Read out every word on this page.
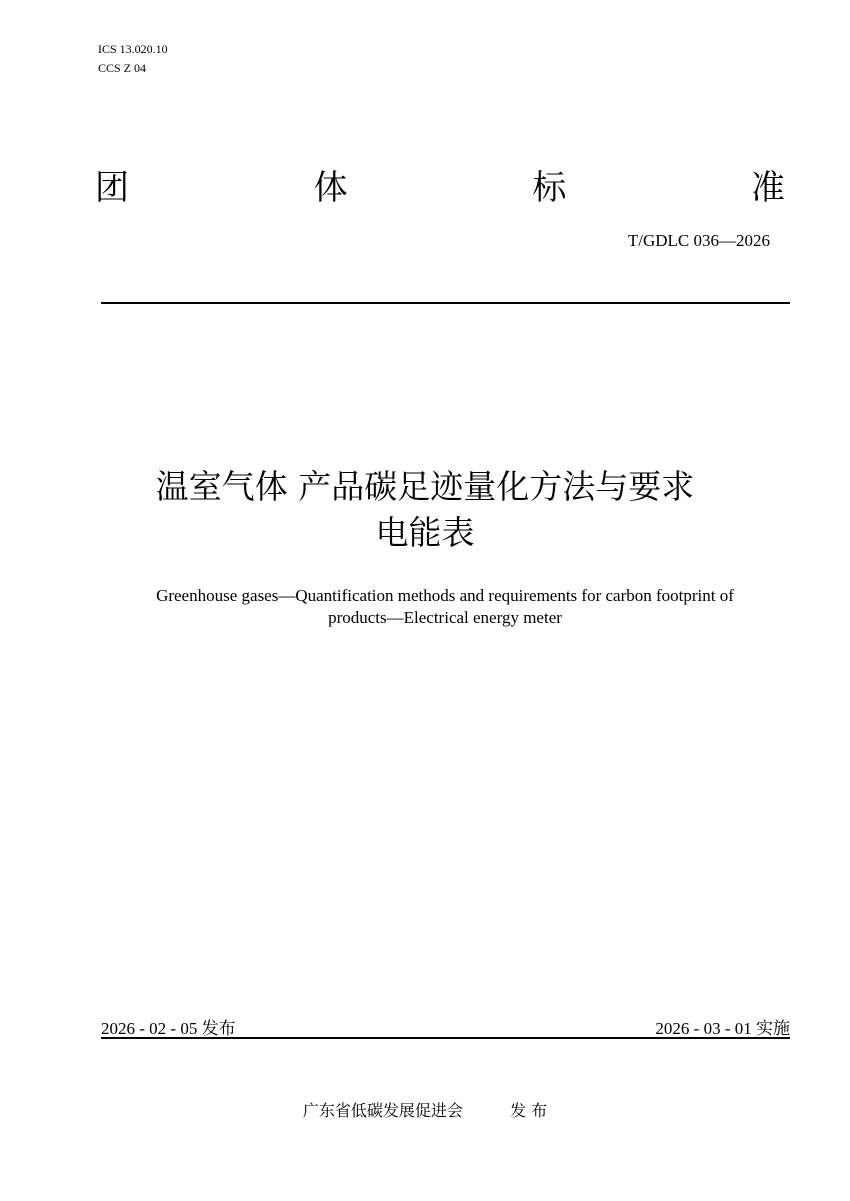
ICS 13.020.10
CCS Z 04
团	体	标	准
T/GDLC 036—2026
温室气体 产品碳足迹量化方法与要求
电能表
Greenhouse gases—Quantification methods and requirements for carbon footprint of
products—Electrical energy meter
2026 - 02 - 05 发布	2026 - 03 - 01 实施
广东省低碳发展促进会	发 布
